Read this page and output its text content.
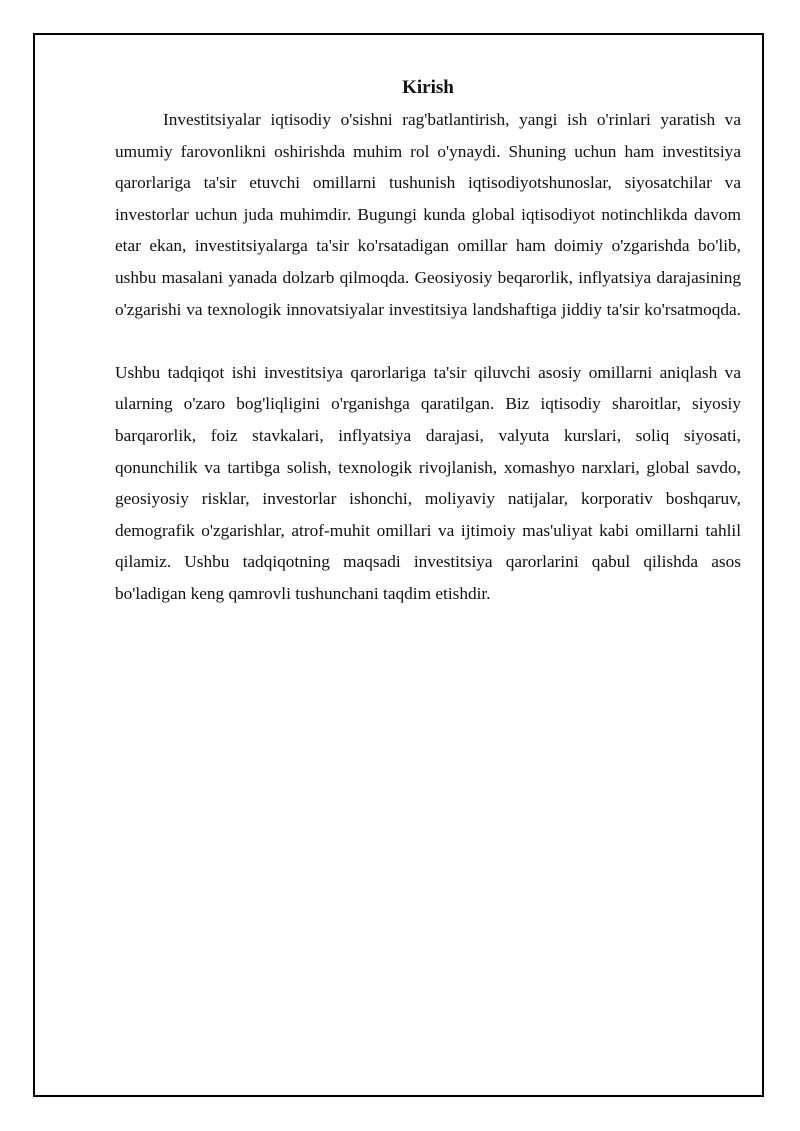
Kirish

Investitsiyalar iqtisodiy o'sishni rag'batlantirish, yangi ish o'rinlari yaratish va umumiy farovonlikni oshirishda muhim rol o'ynaydi. Shuning uchun ham investitsiya qarorlariga ta'sir etuvchi omillarni tushunish iqtisodiyotshunoslar, siyosatchilar va investorlar uchun juda muhimdir. Bugungi kunda global iqtisodiyot notinchlikda davom etar ekan, investitsiyalarga ta'sir ko'rsatadigan omillar ham doimiy o'zgarishda bo'lib, ushbu masalani yanada dolzarb qilmoqda. Geosiyosiy beqarorlik, inflyatsiya darajasining o'zgarishi va texnologik innovatsiyalar investitsiya landshaftiga jiddiy ta'sir ko'rsatmoqda.

Ushbu tadqiqot ishi investitsiya qarorlariga ta'sir qiluvchi asosiy omillarni aniqlash va ularning o'zaro bog'liqligini o'rganishga qaratilgan. Biz iqtisodiy sharoitlar, siyosiy barqarorlik, foiz stavkalari, inflyatsiya darajasi, valyuta kurslari, soliq siyosati, qonunchilik va tartibga solish, texnologik rivojlanish, xomashyo narxlari, global savdo, geosiyosiy risklar, investorlar ishonchi, moliyaviy natijalar, korporativ boshqaruv, demografik o'zgarishlar, atrof-muhit omillari va ijtimoiy mas'uliyat kabi omillarni tahlil qilamiz. Ushbu tadqiqotning maqsadi investitsiya qarorlarini qabul qilishda asos bo'ladigan keng qamrovli tushunchani taqdim etishdir.
